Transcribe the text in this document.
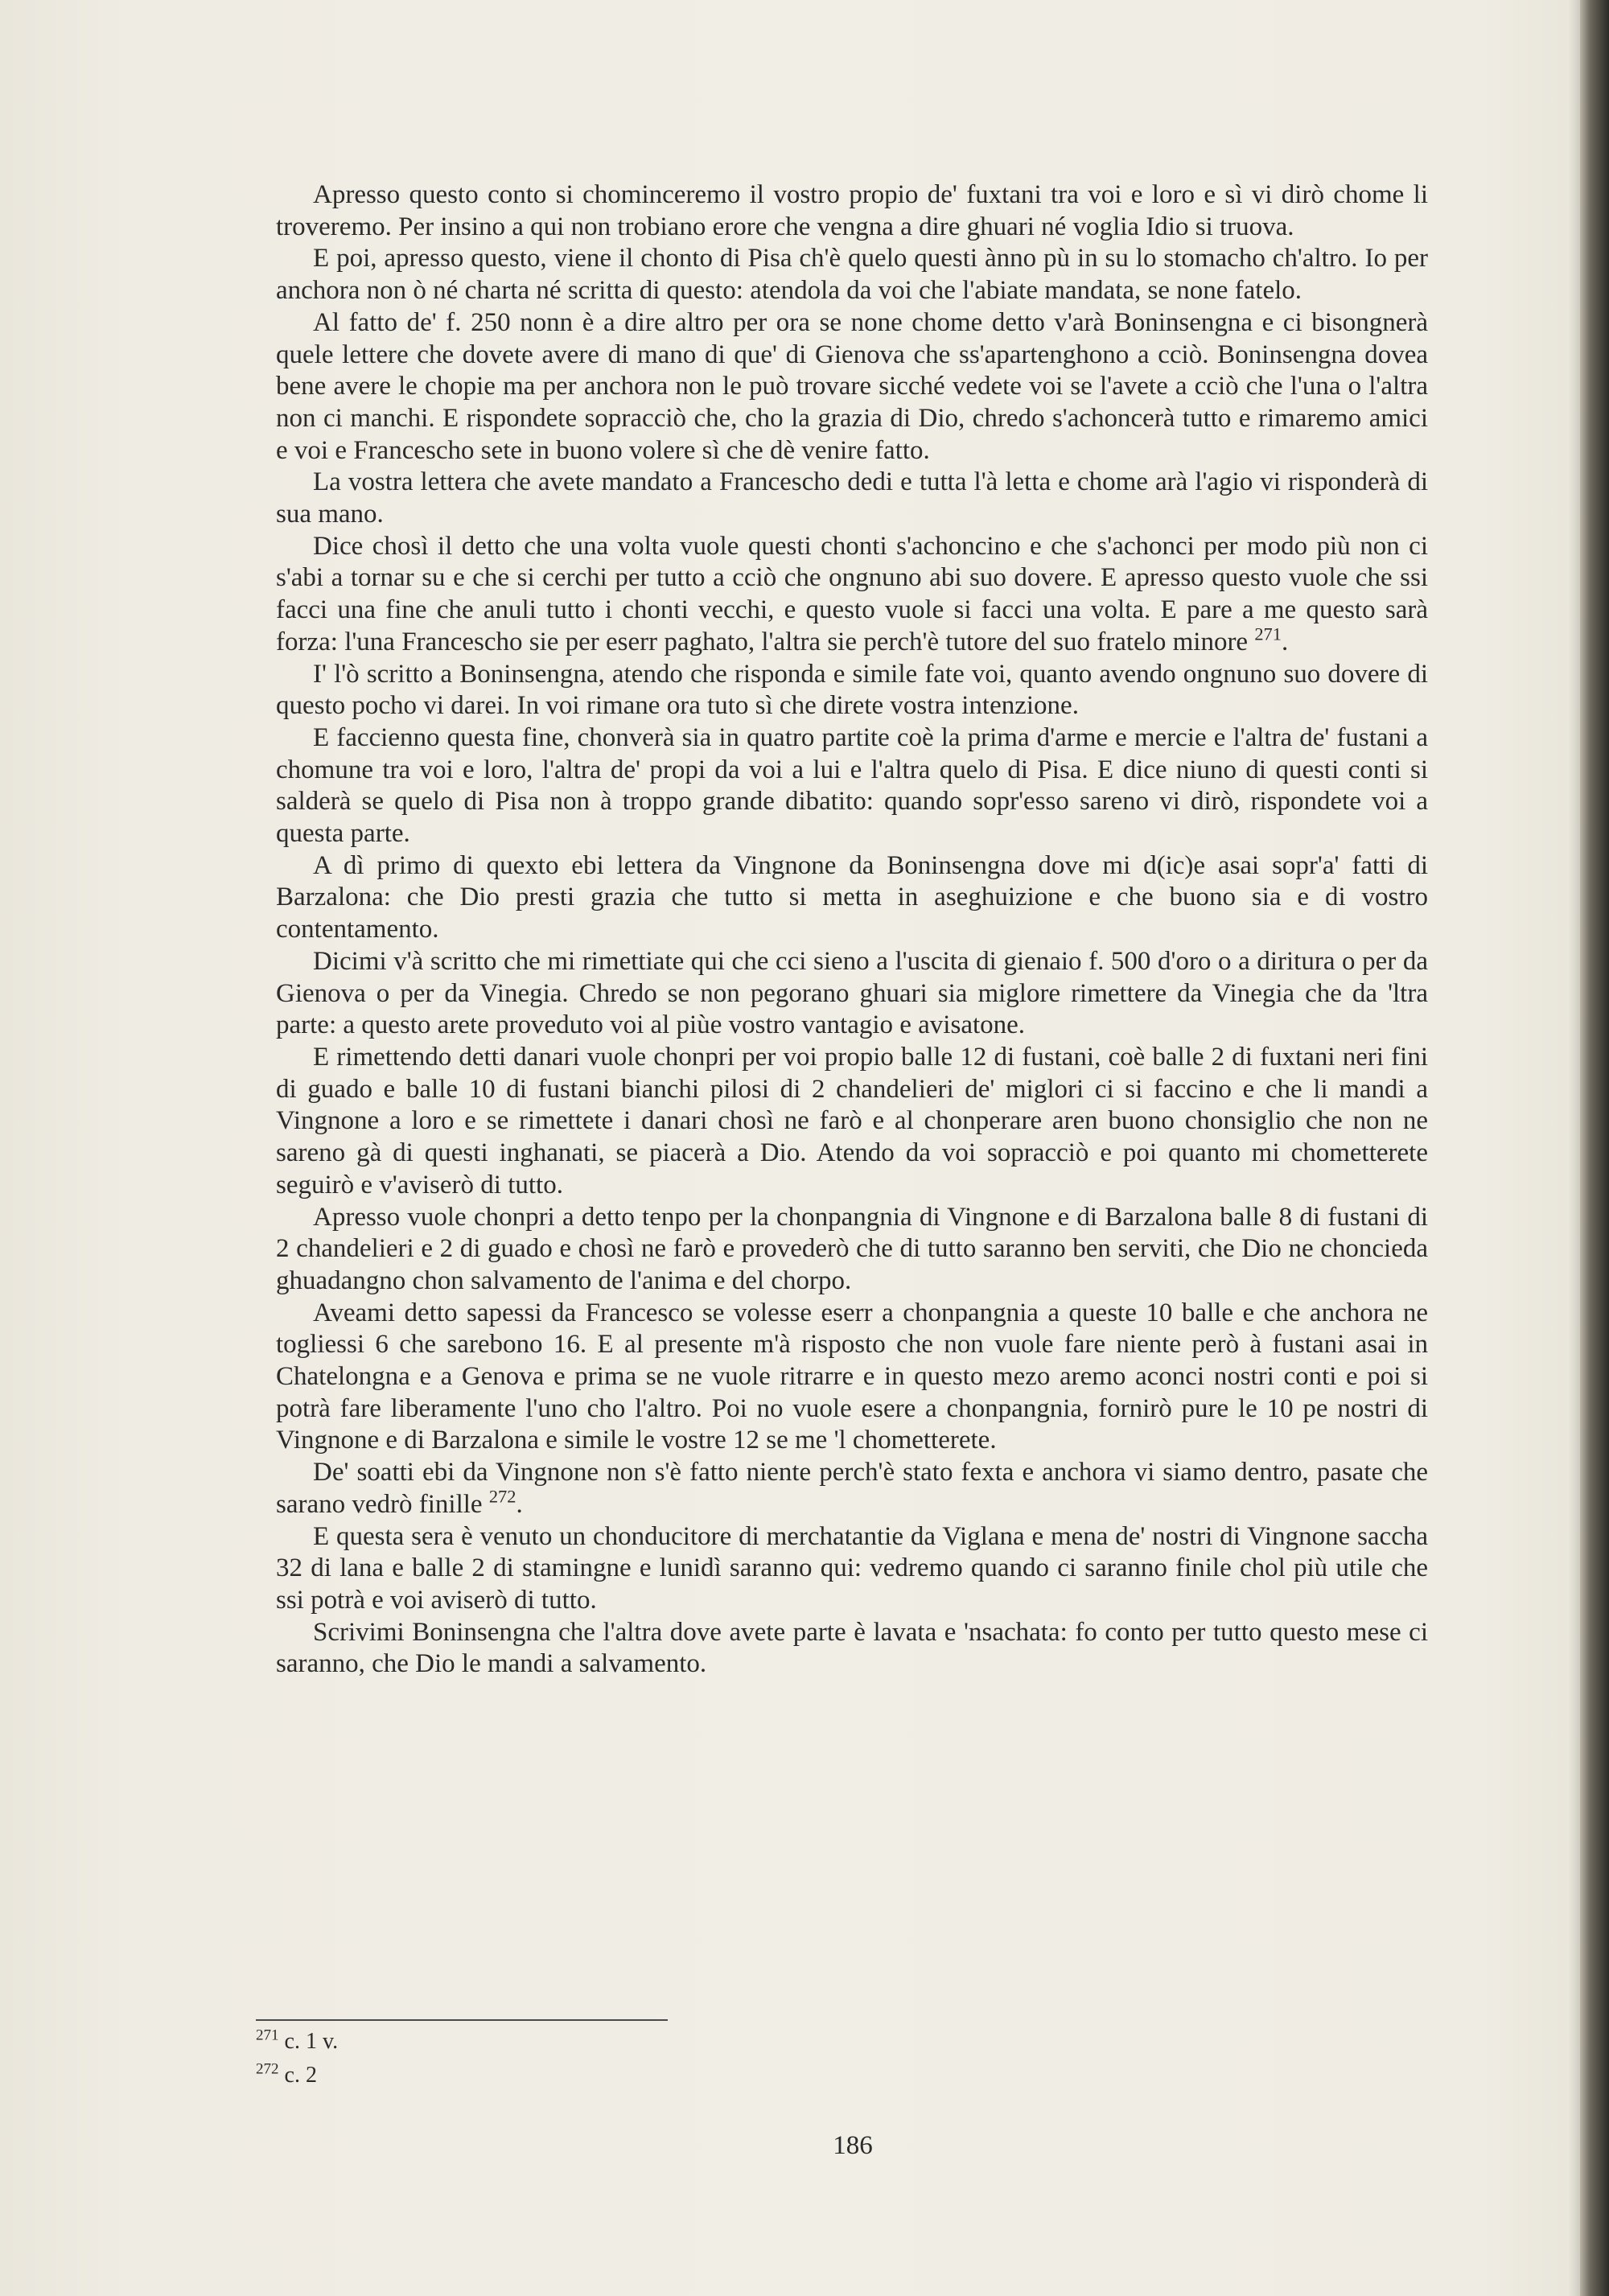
Apresso questo conto si chominceremo il vostro propio de' fuxtani tra voi e loro e sì vi dirò chome li troveremo. Per insino a qui non trobiano erore che vengna a dire ghuari né voglia Idio si truova.

E poi, apresso questo, viene il chonto di Pisa ch'è quelo questi ànno pù in su lo stomacho ch'altro. Io per anchora non ò né charta né scritta di questo: atendola da voi che l'abiate mandata, se none fatelo.

Al fatto de' f. 250 nonn è a dire altro per ora se none chome detto v'arà Boninsengna e ci bisongnerà quele lettere che dovete avere di mano di que' di Gienova che ss'apartenghono a cciò. Boninsengna dovea bene avere le chopie ma per anchora non le può trovare sicché vedete voi se l'avete a cciò che l'una o l'altra non ci manchi. E rispondete sopracciò che, cho la grazia di Dio, chredo s'achoncerà tutto e rimaremo amici e voi e Francescho sete in buono volere sì che dè venire fatto.

La vostra lettera che avete mandato a Francescho dedi e tutta l'à letta e chome arà l'agio vi risponderà di sua mano.

Dice chosì il detto che una volta vuole questi chonti s'achoncino e che s'achonci per modo più non ci s'abi a tornar su e che si cerchi per tutto a cciò che ongnuno abi suo dovere. E apresso questo vuole che ssi facci una fine che anuli tutto i chonti vecchi, e questo vuole si facci una volta. E pare a me questo sarà forza: l'una Francescho sie per eserr paghato, l'altra sie perch'è tutore del suo fratelo minore $^{271}$.

I' l'ò scritto a Boninsengna, atendo che risponda e simile fate voi, quanto avendo ongnuno suo dovere di questo pocho vi darei. In voi rimane ora tuto sì che direte vostra intenzione.

E faccienno questa fine, chonverà sia in quatro partite coè la prima d'arme e mercie e l'altra de' fustani a chomune tra voi e loro, l'altra de' propi da voi a lui e l'altra quelo di Pisa. E dice niuno di questi conti si salderà se quelo di Pisa non à troppo grande dibatito: quando sopr'esso sareno vi dirò, rispondete voi a questa parte.

A dì primo di quexto ebi lettera da Vingnone da Boninsengna dove mi d(ic)e asai sopr'a' fatti di Barzalona: che Dio presti grazia che tutto si metta in aseghuizione e che buono sia e di vostro contentamento.

Dicimi v'à scritto che mi rimettiate qui che cci sieno a l'uscita di gienaio f. 500 d'oro o a diritura o per da Gienova o per da Vinegia. Chredo se non pegorano ghuari sia miglore rimettere da Vinegia che da 'ltra parte: a questo arete proveduto voi al piùe vostro vantagio e avisatone.

E rimettendo detti danari vuole chonpri per voi propio balle 12 di fustani, coè balle 2 di fuxtani neri fini di guado e balle 10 di fustani bianchi pilosi di 2 chandelieri de' miglori ci si faccino e che li mandi a Vingnone a loro e se rimettete i danari chosì ne farò e al chonperare aren buono chonsiglio che non ne sareno gà di questi inghanati, se piacerà a Dio. Atendo da voi sopracciò e poi quanto mi chometterete seguirò e v'aviserò di tutto.

Apresso vuole chonpri a detto tenpo per la chonpangnia di Vingnone e di Barzalona balle 8 di fustani di 2 chandelieri e 2 di guado e chosì ne farò e provederò che di tutto saranno ben serviti, che Dio ne choncieda ghuadangno chon salvamento de l'anima e del chorpo.

Aveami detto sapessi da Francesco se volesse eserr a chonpangnia a queste 10 balle e che anchora ne togliessi 6 che sarebono 16. E al presente m'à risposto che non vuole fare niente però à fustani asai in Chatelongna e a Genova e prima se ne vuole ritrarre e in questo mezo aremo aconci nostri conti e poi si potrà fare liberamente l'uno cho l'altro. Poi no vuole esere a chonpangnia, fornirò pure le 10 pe nostri di Vingnone e di Barzalona e simile le vostre 12 se me 'l chometterete.

De' soatti ebi da Vingnone non s'è fatto niente perch'è stato fexta e anchora vi siamo dentro, pasate che sarano vedrò finille $^{272}$.

E questa sera è venuto un chonducitore di merchatantie da Viglana e mena de' nostri di Vingnone saccha 32 di lana e balle 2 di stamingne e lunidì saranno qui: vedremo quando ci saranno finile chol più utile che ssi potrà e voi aviserò di tutto.

Scrivimi Boninsengna che l'altra dove avete parte è lavata e 'nsachata: fo conto per tutto questo mese ci saranno, che Dio le mandi a salvamento.

$^{271}$ c. 1 v.
$^{272}$ c. 2
186
